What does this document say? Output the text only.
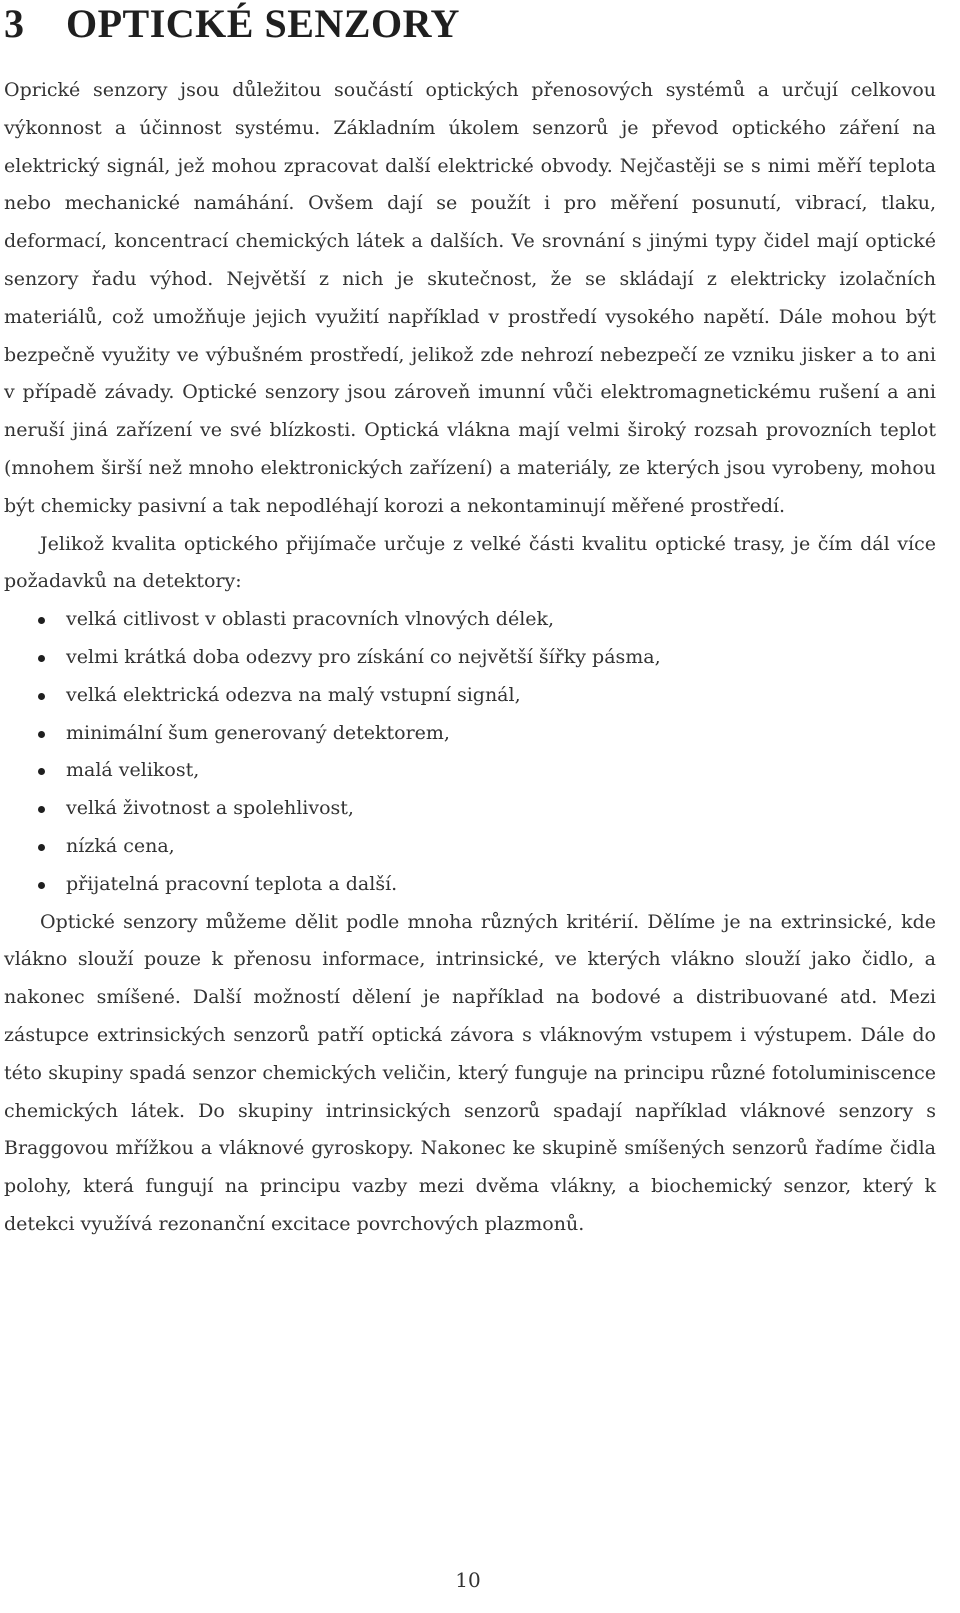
3 OPTICKÉ SENZORY

Oprické senzory jsou důležitou součástí optických přenosových systémů a určují celkovou výkonnost a účinnost systému. Základním úkolem senzorů je převod optického záření na elektrický signál, jež mohou zpracovat další elektrické obvody. Nejčastěji se s nimi měří teplota nebo mechanické namáhání. Ovšem dají se použít i pro měření posunutí, vibrací, tlaku, deformací, koncentrací chemických látek a dalších. Ve srovnání s jinými typy čidel mají optické senzory řadu výhod. Největší z nich je skutečnost, že se skládají z elektricky izolačních materiálů, což umožňuje jejich využití například v prostředí vysokého napětí. Dále mohou být bezpečně využity ve výbušném prostředí, jelikož zde nehrozí nebezpečí ze vzniku jisker a to ani v případě závady. Optické senzory jsou zároveň imunní vůči elektromagnetickému rušení a ani neruší jiná zařízení ve své blízkosti. Optická vlákna mají velmi široký rozsah provozních teplot (mnohem širší než mnoho elektronických zařízení) a materiály, ze kterých jsou vyrobeny, mohou být chemicky pasivní a tak nepodléhají korozi a nekontaminují měřené prostředí.

Jelikož kvalita optického přijímače určuje z velké části kvalitu optické trasy, je čím dál více požadavků na detektory:

velká citlivost v oblasti pracovních vlnových délek,
velmi krátká doba odezvy pro získání co největší šířky pásma,
velká elektrická odezva na malý vstupní signál,
minimální šum generovaný detektorem,
malá velikost,
velká životnost a spolehlivost,
nízká cena,
přijatelná pracovní teplota a další.

Optické senzory můžeme dělit podle mnoha různých kritérií. Dělíme je na extrinsické, kde vlákno slouží pouze k přenosu informace, intrinsické, ve kterých vlákno slouží jako čidlo, a nakonec smíšené. Další možností dělení je například na bodové a distribuované atd. Mezi zástupce extrinsických senzorů patří optická závora s vláknovým vstupem i výstupem. Dále do této skupiny spadá senzor chemických veličin, který funguje na principu různé fotoluminiscence chemických látek. Do skupiny intrinsických senzorů spadají například vláknové senzory s Braggovou mřížkou a vláknové gyroskopy. Nakonec ke skupině smíšených senzorů řadíme čidla polohy, která fungují na principu vazby mezi dvěma vlákny, a biochemický senzor, který k detekci využívá rezonanční excitace povrchových plazmonů.

10
